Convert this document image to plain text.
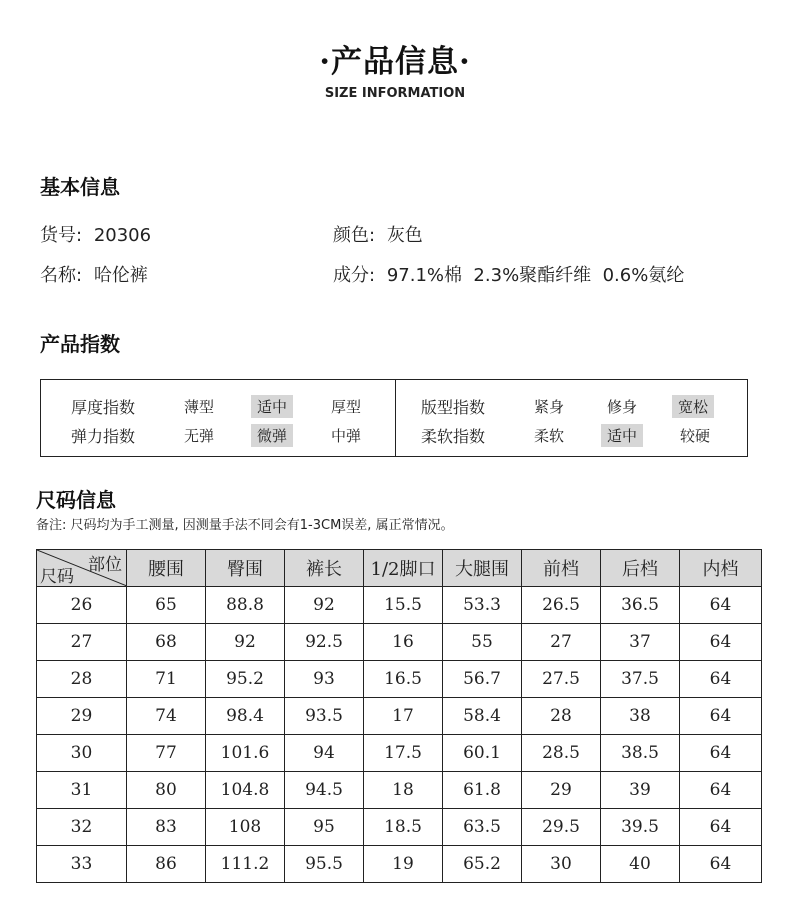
·产品信息·
SIZE INFORMATION
基本信息
货号: 20306	颜色: 灰色
名称: 哈伦裤	成分: 97.1%棉  2.3%聚酯纤维  0.6%氨纶
产品指数
厚度指数	薄型	适中	厚型
弹力指数	无弹	微弹	中弹
版型指数	紧身	修身	宽松
柔软指数	柔软	适中	较硬
尺码信息
备注: 尺码均为手工测量, 因测量手法不同会有1-3CM误差, 属正常情况。
部位
尺码	腰围	臀围	裤长	1/2脚口	大腿围	前档	后档	内档
26	65	88.8	92	15.5	53.3	26.5	36.5	64
27	68	92	92.5	16	55	27	37	64
28	71	95.2	93	16.5	56.7	27.5	37.5	64
29	74	98.4	93.5	17	58.4	28	38	64
30	77	101.6	94	17.5	60.1	28.5	38.5	64
31	80	104.8	94.5	18	61.8	29	39	64
32	83	108	95	18.5	63.5	29.5	39.5	64
33	86	111.2	95.5	19	65.2	30	40	64
